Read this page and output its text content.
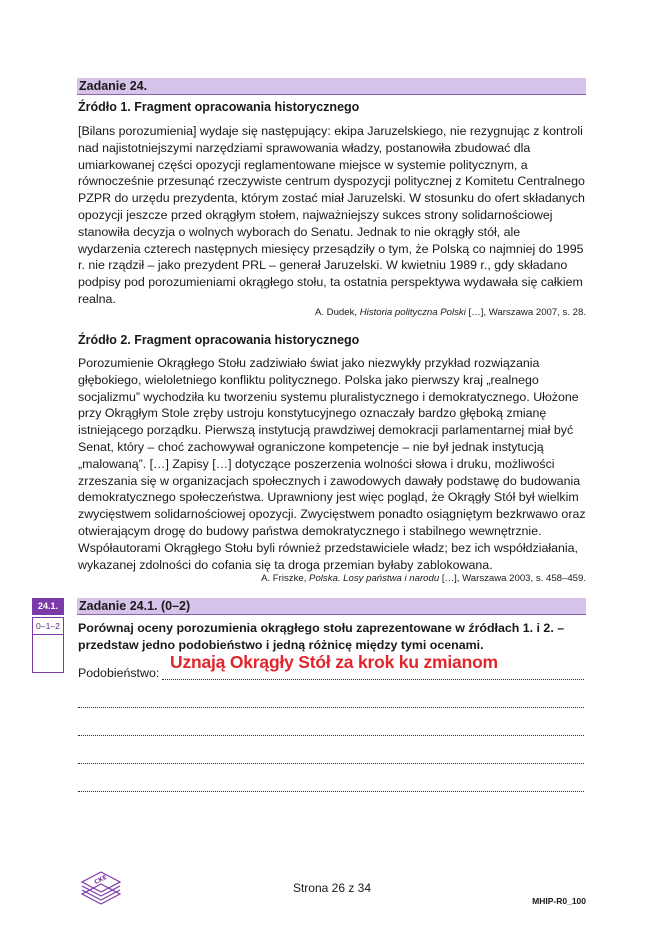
Zadanie 24.
Źródło 1. Fragment opracowania historycznego

[Bilans porozumienia] wydaje się następujący: ekipa Jaruzelskiego, nie rezygnując z kontroli nad najistotniejszymi narzędziami sprawowania władzy, postanowiła zbudować dla umiarkowanej części opozycji reglamentowane miejsce w systemie politycznym, a równocześnie przesunąć rzeczywiste centrum dyspozycji politycznej z Komitetu Centralnego PZPR do urzędu prezydenta, którym zostać miał Jaruzelski. W stosunku do ofert składanych opozycji jeszcze przed okrągłym stołem, najważniejszy sukces strony solidarnościowej stanowiła decyzja o wolnych wyborach do Senatu. Jednak to nie okrągły stół, ale wydarzenia czterech następnych miesięcy przesądziły o tym, że Polską co najmniej do 1995 r. nie rządził – jako prezydent PRL – generał Jaruzelski. W kwietniu 1989 r., gdy składano podpisy pod porozumieniami okrągłego stołu, ta ostatnia perspektywa wydawała się całkiem realna.

A. Dudek, Historia polityczna Polski […], Warszawa 2007, s. 28.
Źródło 2. Fragment opracowania historycznego

Porozumienie Okrągłego Stołu zadziwiało świat jako niezwykły przykład rozwiązania głębokiego, wieloletniego konfliktu politycznego. Polska jako pierwszy kraj „realnego socjalizmu” wychodziła ku tworzeniu systemu pluralistycznego i demokratycznego. Ułożone przy Okrągłym Stole zręby ustroju konstytucyjnego oznaczały bardzo głęboką zmianę istniejącego porządku. Pierwszą instytucją prawdziwej demokracji parlamentarnej miał być Senat, który – choć zachowywał ograniczone kompetencje – nie był jednak instytucją „malowaną”. […] Zapisy […] dotyczące poszerzenia wolności słowa i druku, możliwości zrzeszania się w organizacjach społecznych i zawodowych dawały podstawę do budowania demokratycznego społeczeństwa. Uprawniony jest więc pogląd, że Okrągły Stół był wielkim zwycięstwem solidarnościowej opozycji. Zwycięstwem ponadto osiągniętym bezkrwawo oraz otwierającym drogę do budowy państwa demokratycznego i stabilnego wewnętrznie. Współautorami Okrągłego Stołu byli również przedstawiciele władz; bez ich współdziałania, wykazanej zdolności do cofania się ta droga przemian byłaby zablokowana.

A. Friszke, Polska. Losy państwa i narodu […], Warszawa 2003, s. 458–459.
24.1.
0–1–2
Zadanie 24.1. (0–2)

Porównaj oceny porozumienia okrągłego stołu zaprezentowane w źródłach 1. i 2. – przedstaw jedno podobieństwo i jedną różnicę między tymi ocenami.

Podobieństwo:
Uznają Okrągły Stół za krok ku zmianom
CKE
Strona 26 z 34
MHIP-R0_100
